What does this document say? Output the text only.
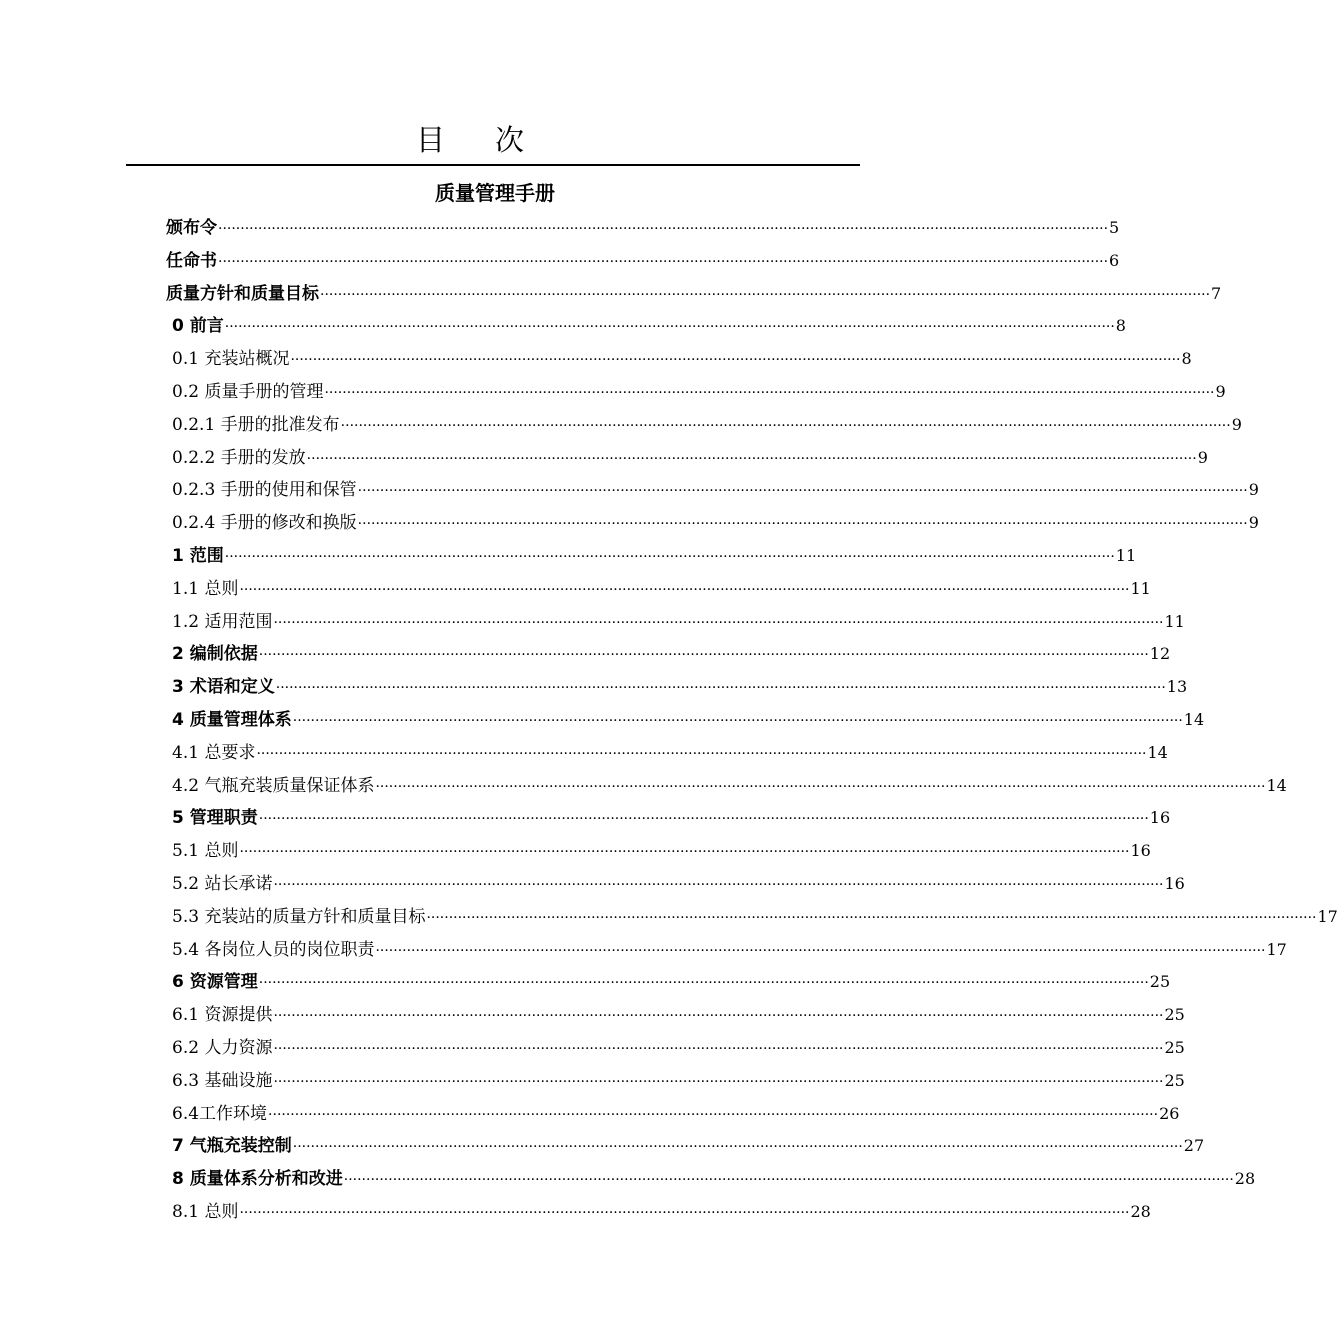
目次
质量管理手册
颁布令 ········································································································································································································ 5
任命书 ········································································································································································································ 6
质量方针和质量目标 ········································································································································································································ 7
0 前言 ········································································································································································································ 8
0.1 充装站概况 ········································································································································································································ 8
0.2 质量手册的管理 ········································································································································································································ 9
0.2.1 手册的批准发布 ········································································································································································································ 9
0.2.2 手册的发放 ········································································································································································································ 9
0.2.3 手册的使用和保管 ········································································································································································································ 9
0.2.4 手册的修改和换版 ········································································································································································································ 9
1 范围 ········································································································································································································ 11
1.1 总则 ········································································································································································································ 11
1.2 适用范围 ········································································································································································································ 11
2 编制依据 ········································································································································································································ 12
3 术语和定义 ········································································································································································································ 13
4 质量管理体系 ········································································································································································································ 14
4.1 总要求 ········································································································································································································ 14
4.2 气瓶充装质量保证体系 ········································································································································································································ 14
5 管理职责 ········································································································································································································ 16
5.1 总则 ········································································································································································································ 16
5.2 站长承诺 ········································································································································································································ 16
5.3 充装站的质量方针和质量目标 ········································································································································································································ 17
5.4 各岗位人员的岗位职责 ········································································································································································································ 17
6 资源管理 ········································································································································································································ 25
6.1 资源提供 ········································································································································································································ 25
6.2 人力资源 ········································································································································································································ 25
6.3 基础设施 ········································································································································································································ 25
6.4工作环境 ········································································································································································································ 26
7 气瓶充装控制 ········································································································································································································ 27
8 质量体系分析和改进 ········································································································································································································ 28
8.1 总则 ········································································································································································································ 28
